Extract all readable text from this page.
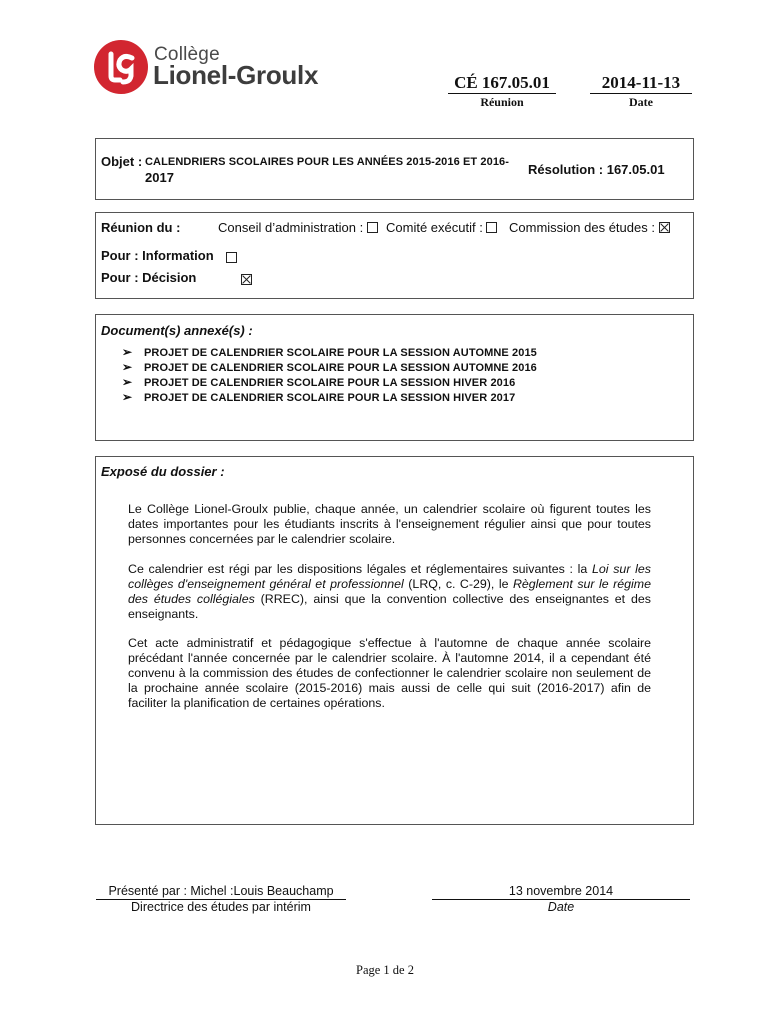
Collège
Lionel-Groulx	CÉ 167.05.01
Réunion
2014-11-13
Date
Objet : CALENDRIERS SCOLAIRES POUR LES ANNÉES 2015-2016 ET 2016-
2017
Résolution : 167.05.01
Réunion du :	Conseil d’administration :	Comité exécutif :	Commission des études :
Pour : Information

Pour : Décision
Document(s) annexé(s) :
➢ PROJET DE CALENDRIER SCOLAIRE POUR LA SESSION AUTOMNE 2015
➢ PROJET DE CALENDRIER SCOLAIRE POUR LA SESSION AUTOMNE 2016
➢ PROJET DE CALENDRIER SCOLAIRE POUR LA SESSION HIVER 2016
➢ PROJET DE CALENDRIER SCOLAIRE POUR LA SESSION HIVER 2017
Exposé du dossier :
Le Collège Lionel-Groulx publie, chaque année, un calendrier scolaire où figurent toutes les dates importantes pour les étudiants inscrits à l'enseignement régulier ainsi que pour toutes personnes concernées par le calendrier scolaire.
Ce calendrier est régi par les dispositions légales et réglementaires suivantes : la Loi sur les collèges d'enseignement général et professionnel (LRQ, c. C-29), le Règlement sur le régime des études collégiales (RREC), ainsi que la convention collective des enseignantes et des enseignants.
Cet acte administratif et pédagogique s'effectue à l'automne de chaque année scolaire précédant l'année concernée par le calendrier scolaire. À l'automne 2014, il a cependant été convenu à la commission des études de confectionner le calendrier scolaire non seulement de la prochaine année scolaire (2015-2016) mais aussi de celle qui suit (2016-2017) afin de faciliter la planification de certaines opérations.
Présenté par : Michel :Louis Beauchamp
Directrice des études par intérim
13 novembre 2014
Date
Page 1 de 2
